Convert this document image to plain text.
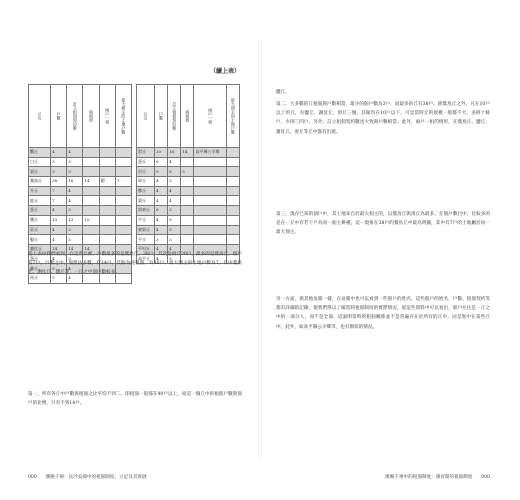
（續上表）
丘名	戶數	訂立租佃契約數	純租佃	兩戶一租	最大佃主的土地戶數
鸚丘	4	4			
白丘	3	3			
栗丘	3	3			
鶯鳥丘	38	16	14	圍	7
升丘	7	4			
庭丘	7	4			
蛋丘	4	3			
鹽丘	13	13	10		
莊丘	4	3			
鑿丘	4	3			
謝仗丘	14	14	14		
蛋丘	4	3			
雞丘	9	4			
馬丘	5	4			
丘名	戶數	訂立租佃契約數	純租佃	兩戶一租	最大佃主的土地戶數
滑丘	20	16	14	高平縣公羊鄉	
蛋丘	6	4			
浴丘	9	8	5		
車丘	4	3			
鄭丘	4	4			
栗丘	4	4			
郭東丘	6	3			
平丘	4	3			
東郭丘	4	3			
平丘	3	3			
平村丘	4	4			
高平丘	4	3			
從上表中我們看到，在這些丘裡，戶數最多的是鶯鳥丘，38戶。其次是滑丘20戶。最多的是鶯鳥丘，佃戶有7戶。戶數之中，佃農佔多數，有14戶。其餘為純租佃，有16戶。最大佃主的土地戶數為7，其中鶯鳥丘、謝仗丘、鹽丘等，一丘之中佃戶數較多。
第一，所有各丘中戶數與租佃之比平均不到二。即租佃一般都在40戶以上，而這一個丘中的租佃戶數與佃戶的比例，只有不到14戶。
000 漢晚千禧：長沙吳簡中的租佃制度，立足及其發展
鹽丘。
第二，大多數的丘租佃與戶數相當，最少的佃戶數為3戶，而最多的丘有38戶。除鶯鳥丘之外，凡在10戶以上的丘，有鹽丘、謝仗丘、滑丘三個，其餘均在10戶以下。可見當時丘的規模一般都不大，多則十餘戶，少則三四戶。另外，訂立租佃契約數也大致與戶數相當。此外，兩戶一租的情形，在鶯鳥丘、鹽丘、謝仗丘、滑丘等丘中都有出現。
第三，現存已知的佃戶中，其土地來自於最大佃主的，以鶯鳥丘與滑丘為最多。在佃戶數目中，比較多的是在一丘中有若干戶為同一佃主耕種，這一現象在38戶的鶯鳥丘中最為明顯，其中有7戶的土地屬於同一最大佃主。
另一方面，與其他吳簡一樣，在吳簡中也可以看到一些佃戶的姓名，這些佃戶的姓名、戶數、租佃契約等都有詳細的記錄，使我們得以了解當時租佃制度的實際情況。從這些資料中可以看出，佃戶往往是一丘之中的一部分人，而不是全部，這說明當時的租佃關係並不是普遍存在於所有的丘中，而是集中在某些丘中。此外，如高平縣公羊鄉等，也有類似的情況。
漢晚千禧中的租佃制度：漢晉間的租佃制度 000
